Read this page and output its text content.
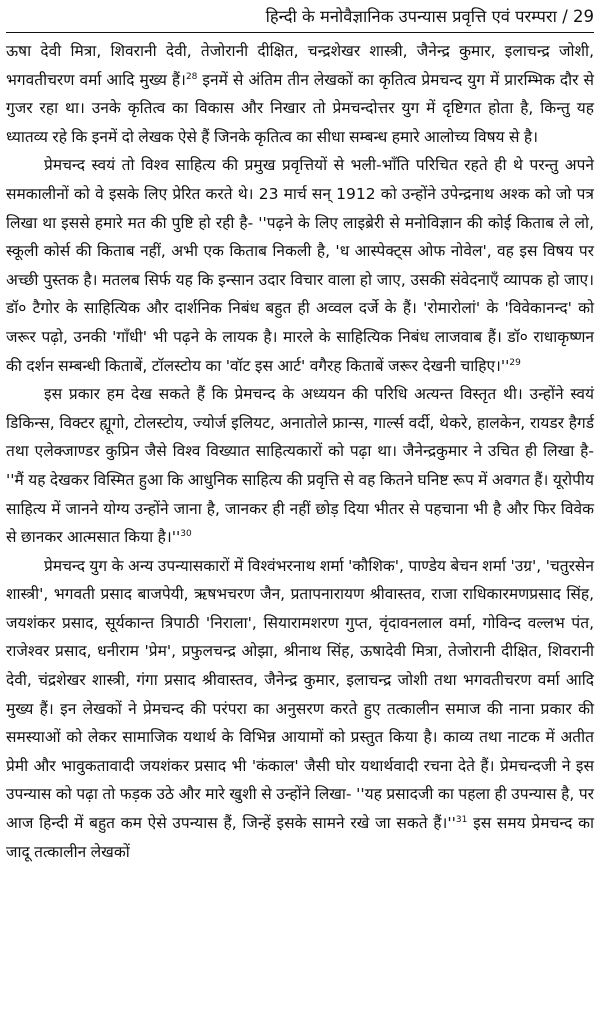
हिन्दी के मनोवैज्ञानिक उपन्यास प्रवृत्ति एवं परम्परा / 29

ऊषा देवी मित्रा, शिवरानी देवी, तेजोरानी दीक्षित, चन्द्रशेखर शास्त्री, जैनेन्द्र कुमार, इलाचन्द्र जोशी, भगवतीचरण वर्मा आदि मुख्य हैं।$^{28}$ इनमें से अंतिम तीन लेखकों का कृतित्व प्रेमचन्द युग में प्रारम्भिक दौर से गुजर रहा था। उनके कृतित्व का विकास और निखार तो प्रेमचन्दोत्तर युग में दृष्टिगत होता है, किन्तु यह ध्यातव्य रहे कि इनमें दो लेखक ऐसे हैं जिनके कृतित्व का सीधा सम्बन्ध हमारे आलोच्य विषय से है।

प्रेमचन्द स्वयं तो विश्व साहित्य की प्रमुख प्रवृत्तियों से भली-भाँति परिचित रहते ही थे परन्तु अपने समकालीनों को वे इसके लिए प्रेरित करते थे। 23 मार्च सन् 1912 को उन्होंने उपेन्द्रनाथ अश्क को जो पत्र लिखा था इससे हमारे मत की पुष्टि हो रही है- ''पढ़ने के लिए लाइब्रेरी से मनोविज्ञान की कोई किताब ले लो, स्कूली कोर्स की किताब नहीं, अभी एक किताब निकली है, 'ध आस्पेक्ट्स ओफ नोवेल', वह इस विषय पर अच्छी पुस्तक है। मतलब सिर्फ यह कि इन्सान उदार विचार वाला हो जाए, उसकी संवेदनाएँ व्यापक हो जाए। डॉ० टैगोर के साहित्यिक और दार्शनिक निबंध बहुत ही अव्वल दर्जे के हैं। 'रोमारोलां' के 'विवेकानन्द' को जरूर पढ़ो, उनकी 'गाँधी' भी पढ़ने के लायक है। मारले के साहित्यिक निबंध लाजवाब हैं। डॉ० राधाकृष्णन की दर्शन सम्बन्धी किताबें, टॉलस्टोय का 'वॉट इस आर्ट' वगैरह किताबें जरूर देखनी $चाहिए।''^{29}$

इस प्रकार हम देख सकते हैं कि प्रेमचन्द के अध्ययन की परिधि अत्यन्त विस्तृत थी। उन्होंने स्वयं डिकिन्स, विक्टर ह्यूगो, टोलस्टोय, ज्योर्ज इलियट, अनातोले फ्रान्स, गार्ल्स वर्दी, थेकरे, हालकेन, रायडर हैगर्ड तथा एलेक्जाण्डर कुप्रिन जैसे विश्व विख्यात साहित्यकारों को पढ़ा था। जैनेन्द्रकुमार ने उचित ही लिखा है- ''मैं यह देखकर विस्मित हुआ कि आधुनिक साहित्य की प्रवृत्ति से वह कितने घनिष्ट रूप में अवगत हैं। यूरोपीय साहित्य में जानने योग्य उन्होंने जाना है, जानकर ही नहीं छोड़ दिया भीतर से पहचाना भी है और फिर विवेक से छानकर आत्मसात किया $है।''^{30}$

प्रेमचन्द युग के अन्य उपन्यासकारों में विश्वंभरनाथ शर्मा 'कौशिक', पाण्डेय बेचन शर्मा 'उग्र', 'चतुरसेन शास्त्री', भगवती प्रसाद बाजपेयी, ऋषभचरण जैन, प्रतापनारायण श्रीवास्तव, राजा राधिकारमणप्रसाद सिंह, जयशंकर प्रसाद, सूर्यकान्त त्रिपाठी 'निराला', सियारामशरण गुप्त, वृंदावनलाल वर्मा, गोविन्द वल्लभ पंत, राजेश्वर प्रसाद, धनीराम 'प्रेम', प्रफुलचन्द्र ओझा, श्रीनाथ सिंह, ऊषादेवी मित्रा, तेजोरानी दीक्षित, शिवरानी देवी, चंद्रशेखर शास्त्री, गंगा प्रसाद श्रीवास्तव, जैनेन्द्र कुमार, इलाचन्द्र जोशी तथा भगवतीचरण वर्मा आदि मुख्य हैं। इन लेखकों ने प्रेमचन्द की परंपरा का अनुसरण करते हुए तत्कालीन समाज की नाना प्रकार की समस्याओं को लेकर सामाजिक यथार्थ के विभिन्न आयामों को प्रस्तुत किया है। काव्य तथा नाटक में अतीत प्रेमी और भावुकतावादी जयशंकर प्रसाद भी 'कंकाल' जैसी घोर यथार्थवादी रचना देते हैं। प्रेमचन्दजी ने इस उपन्यास को पढ़ा तो फड़क उठे और मारे खुशी से उन्होंने लिखा- ''यह प्रसादजी का पहला ही उपन्यास है, पर आज हिन्दी में बहुत कम ऐसे उपन्यास हैं, जिन्हें इसके सामने रखे जा सकते $हैं।''^{31}$ इस समय प्रेमचन्द का जादू तत्कालीन लेखकों
